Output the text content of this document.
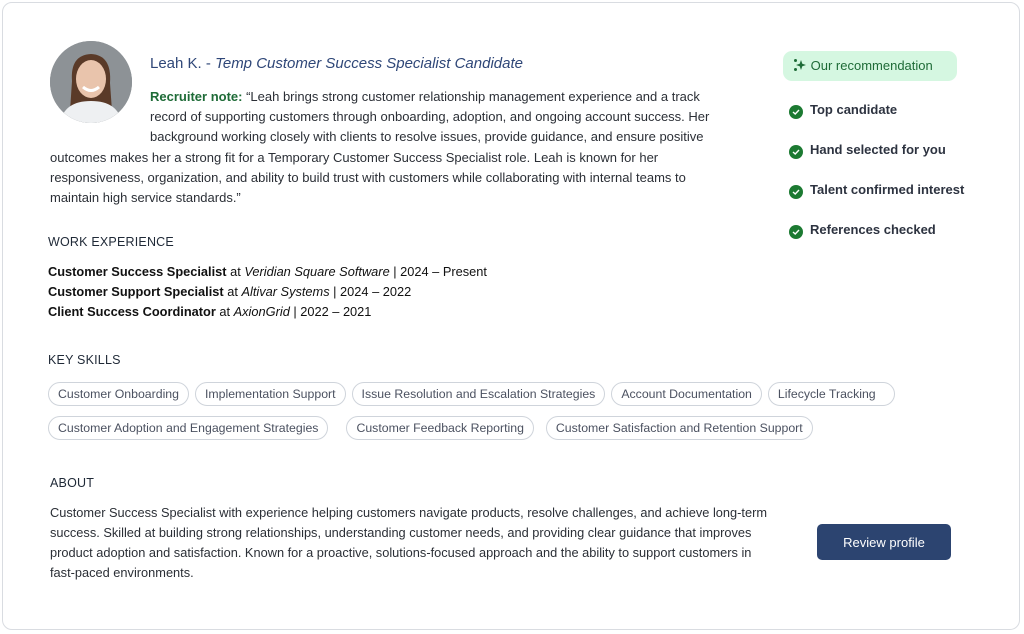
Leah K. - Temp Customer Success Specialist Candidate
Recruiter note: “Leah brings strong customer relationship management experience and a track record of supporting customers through onboarding, adoption, and ongoing account success. Her background working closely with clients to resolve issues, provide guidance, and ensure positive outcomes makes her a strong fit for a Temporary Customer Success Specialist role. Leah is known for her responsiveness, organization, and ability to build trust with customers while collaborating with internal teams to maintain high service standards.”
WORK EXPERIENCE
Customer Success Specialist at Veridian Square Software | 2024 – Present
Customer Support Specialist at Altivar Systems | 2024 – 2022
Client Success Coordinator at AxionGrid | 2022 – 2021
KEY SKILLS
Customer Onboarding Implementation Support Issue Resolution and Escalation Strategies Account Documentation Lifecycle Tracking
Customer Adoption and Engagement Strategies	Customer Feedback Reporting	Customer Satisfaction and Retention Support
ABOUT
Customer Success Specialist with experience helping customers navigate products, resolve challenges, and achieve long-term success. Skilled at building strong relationships, understanding customer needs, and providing clear guidance that improves product adoption and satisfaction. Known for a proactive, solutions-focused approach and the ability to support customers in fast-paced environments.
Our recommendation
Top candidate
Hand selected for you
Talent confirmed interest
References checked
Review profile
